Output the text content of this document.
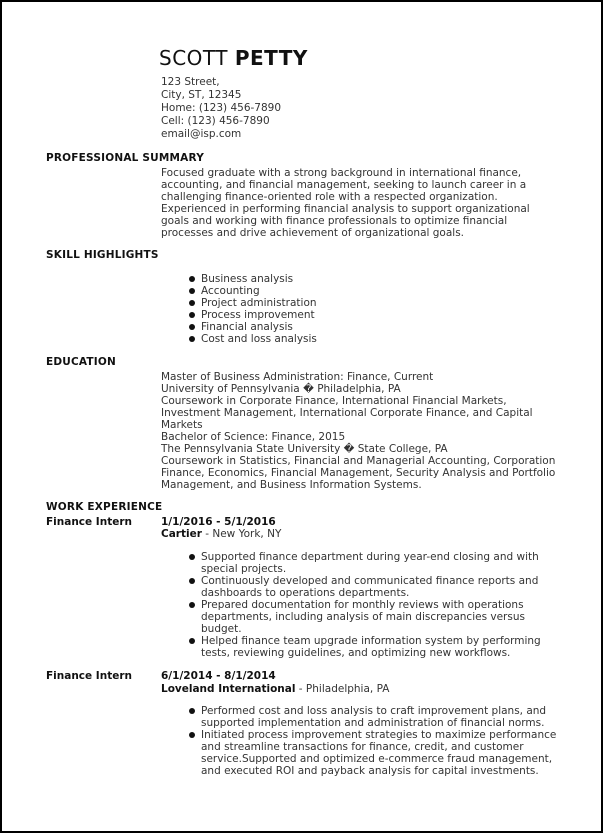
SCOTT PETTY
123 Street,
City, ST, 12345
Home: (123) 456-7890
Cell: (123) 456-7890
email@isp.com
PROFESSIONAL SUMMARY
Focused graduate with a strong background in international finance, accounting, and financial management, seeking to launch career in a challenging finance-oriented role with a respected organization. Experienced in performing financial analysis to support organizational goals and working with finance professionals to optimize financial processes and drive achievement of organizational goals.
SKILL HIGHLIGHTS
Business analysis
Accounting
Project administration
Process improvement
Financial analysis
Cost and loss analysis
EDUCATION
Master of Business Administration: Finance, Current
University of Pennsylvania � Philadelphia, PA
Coursework in Corporate Finance, International Financial Markets, Investment Management, International Corporate Finance, and Capital Markets
Bachelor of Science: Finance, 2015
The Pennsylvania State University � State College, PA
Coursework in Statistics, Financial and Managerial Accounting, Corporation Finance, Economics, Financial Management, Security Analysis and Portfolio Management, and Business Information Systems.
WORK EXPERIENCE
Finance Intern	1/1/2016 - 5/1/2016
Cartier - New York, NY
Supported finance department during year-end closing and with special projects.
Continuously developed and communicated finance reports and dashboards to operations departments.
Prepared documentation for monthly reviews with operations departments, including analysis of main discrepancies versus budget.
Helped finance team upgrade information system by performing tests, reviewing guidelines, and optimizing new workflows.
Finance Intern	6/1/2014 - 8/1/2014
Loveland International - Philadelphia, PA
Performed cost and loss analysis to craft improvement plans, and supported implementation and administration of financial norms.
Initiated process improvement strategies to maximize performance and streamline transactions for finance, credit, and customer service.Supported and optimized e-commerce fraud management, and executed ROI and payback analysis for capital investments.
